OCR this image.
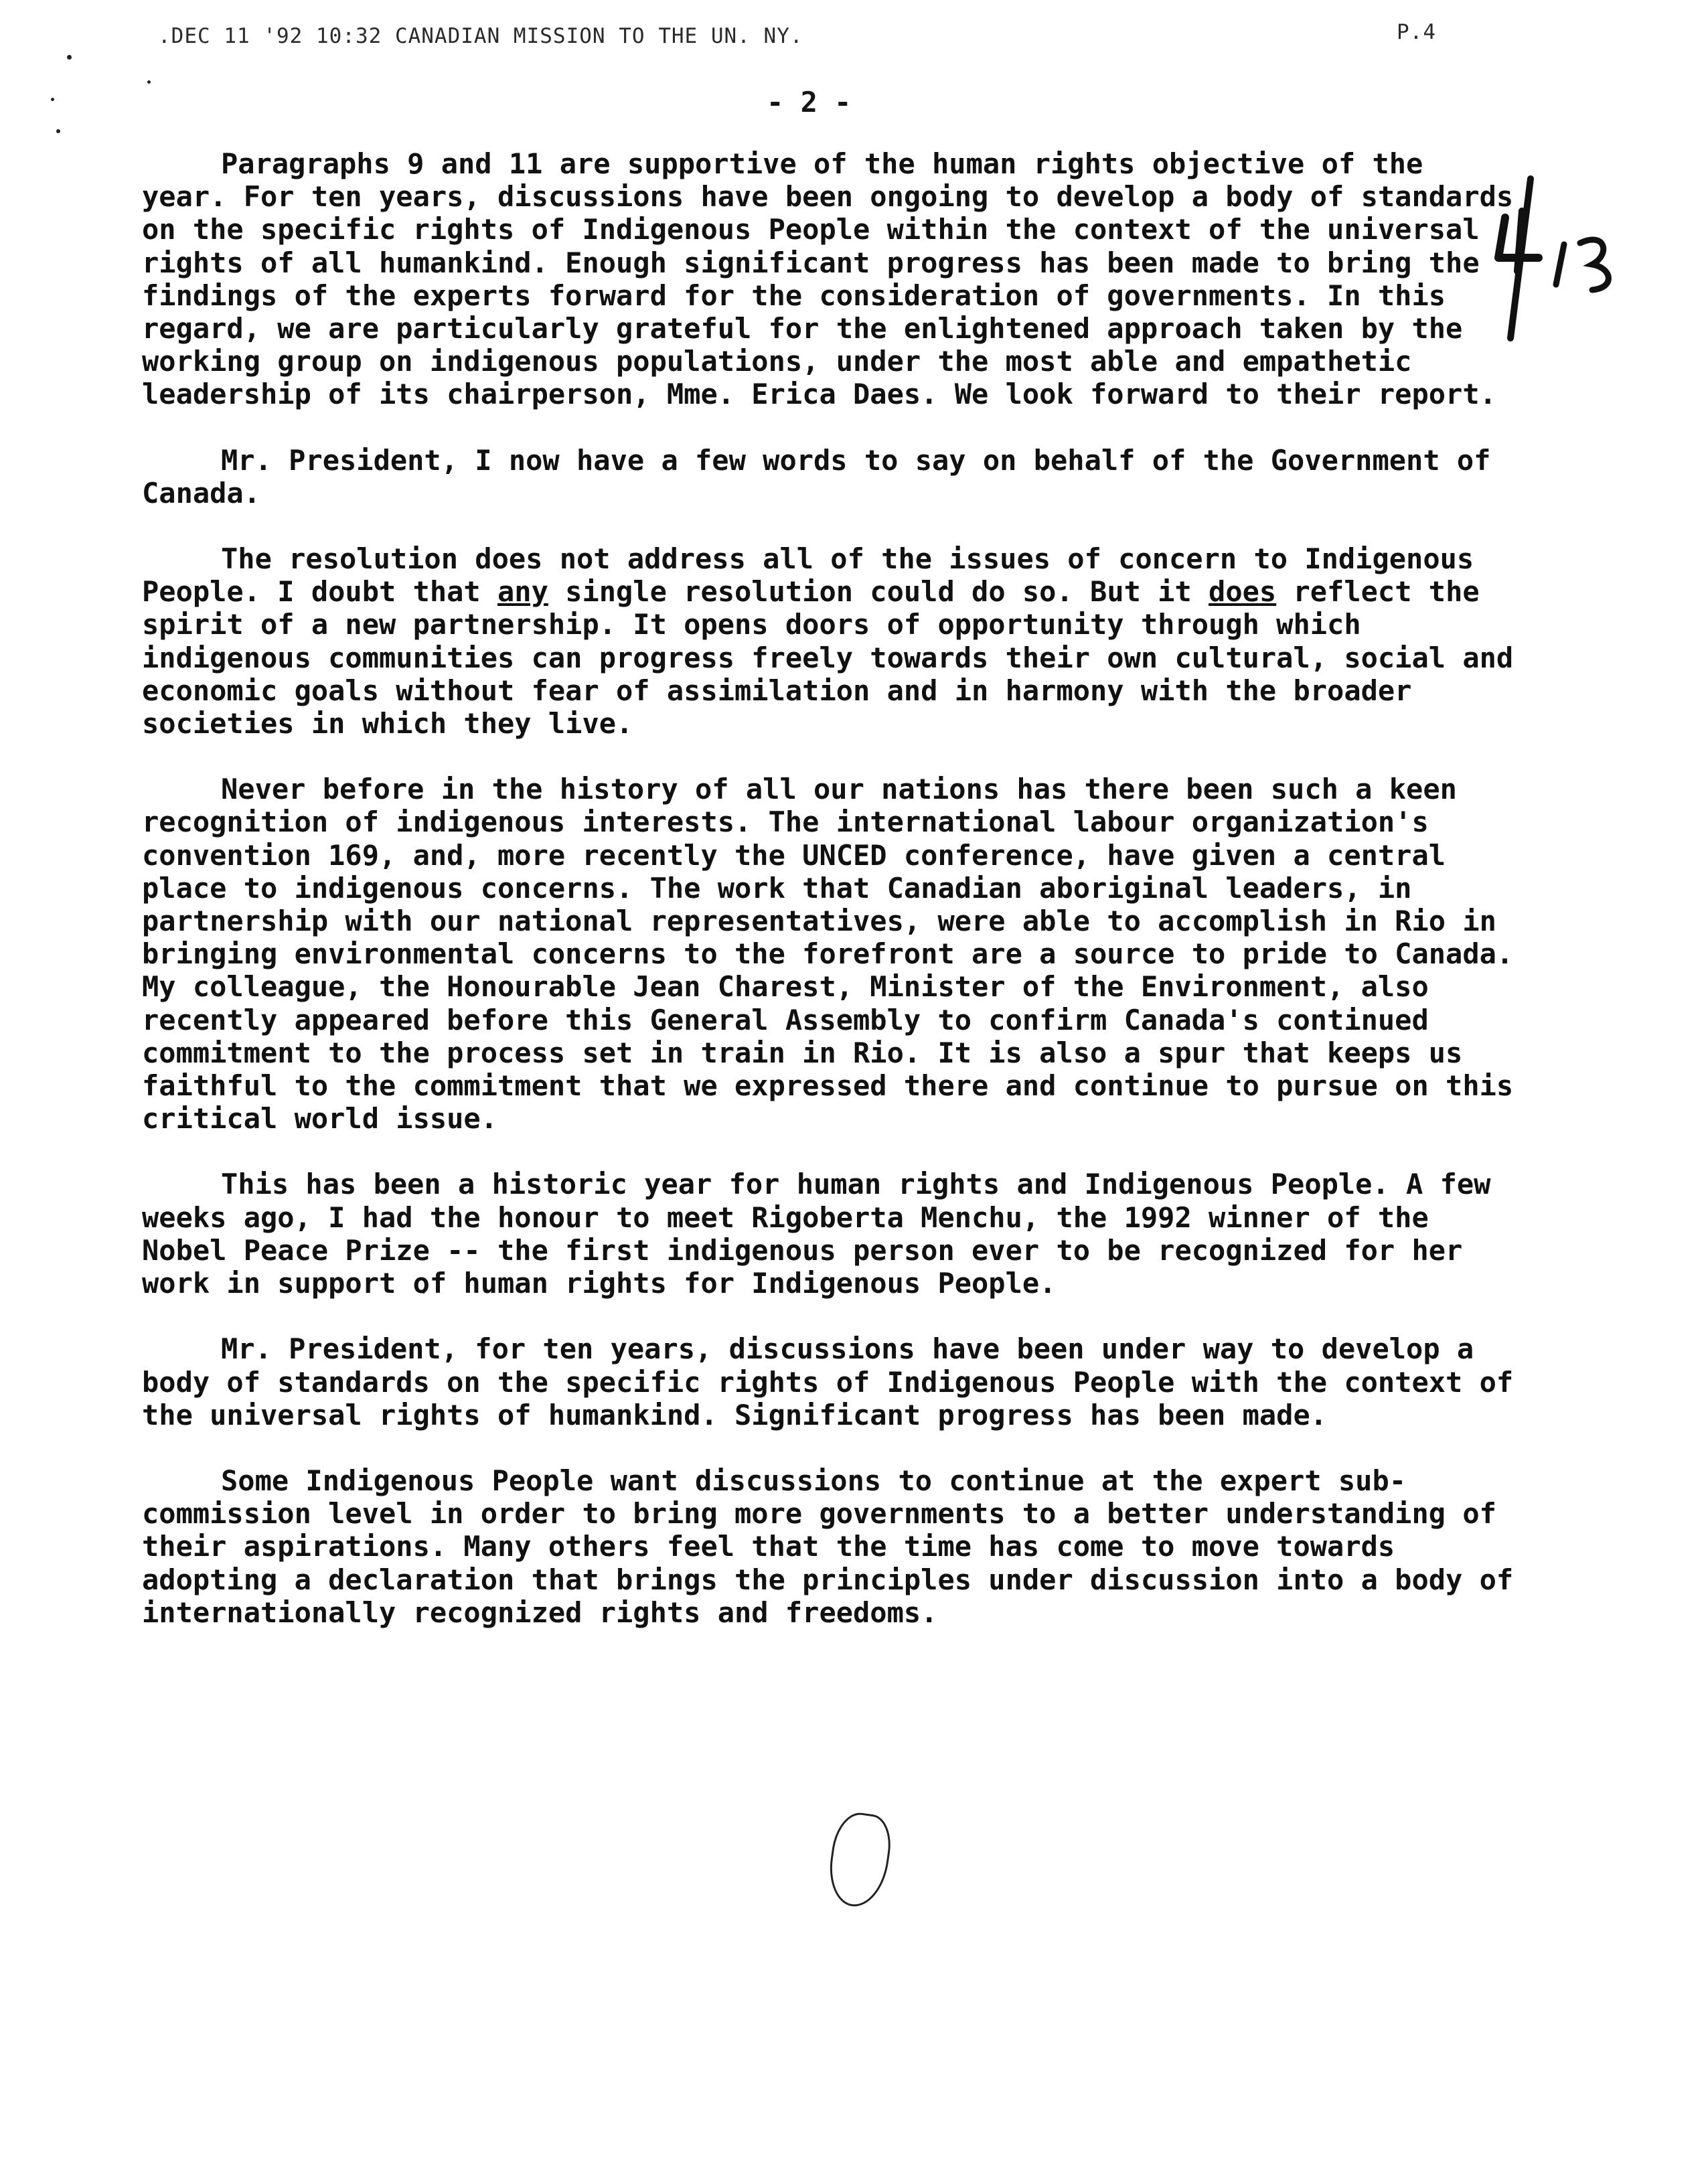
.DEC 11 '92 10:32 CANADIAN MISSION TO THE UN. NY.	P.4
- 2 -

Paragraphs 9 and 11 are supportive of the human rights objective of the year. For ten years, discussions have been ongoing to develop a body of standards on the specific rights of Indigenous People within the context of the universal rights of all humankind. Enough significant progress has been made to bring the findings of the experts forward for the consideration of governments. In this regard, we are particularly grateful for the enlightened approach taken by the working group on indigenous populations, under the most able and empathetic leadership of its chairperson, Mme. Erica Daes. We look forward to their report.

Mr. President, I now have a few words to say on behalf of the Government of Canada.

The resolution does not address all of the issues of concern to Indigenous People. I doubt that any single resolution could do so. But it does reflect the spirit of a new partnership. It opens doors of opportunity through which indigenous communities can progress freely towards their own cultural, social and economic goals without fear of assimilation and in harmony with the broader societies in which they live.

Never before in the history of all our nations has there been such a keen recognition of indigenous interests. The international labour organization's convention 169, and, more recently the UNCED conference, have given a central place to indigenous concerns. The work that Canadian aboriginal leaders, in partnership with our national representatives, were able to accomplish in Rio in bringing environmental concerns to the forefront are a source to pride to Canada. My colleague, the Honourable Jean Charest, Minister of the Environment, also recently appeared before this General Assembly to confirm Canada's continued commitment to the process set in train in Rio. It is also a spur that keeps us faithful to the commitment that we expressed there and continue to pursue on this critical world issue.

This has been a historic year for human rights and Indigenous People. A few weeks ago, I had the honour to meet Rigoberta Menchu, the 1992 winner of the Nobel Peace Prize -- the first indigenous person ever to be recognized for her work in support of human rights for Indigenous People.

Mr. President, for ten years, discussions have been under way to develop a body of standards on the specific rights of Indigenous People with the context of the universal rights of humankind. Significant progress has been made.

Some Indigenous People want discussions to continue at the expert sub-commission level in order to bring more governments to a better understanding of their aspirations. Many others feel that the time has come to move towards adopting a declaration that brings the principles under discussion into a body of internationally recognized rights and freedoms.
